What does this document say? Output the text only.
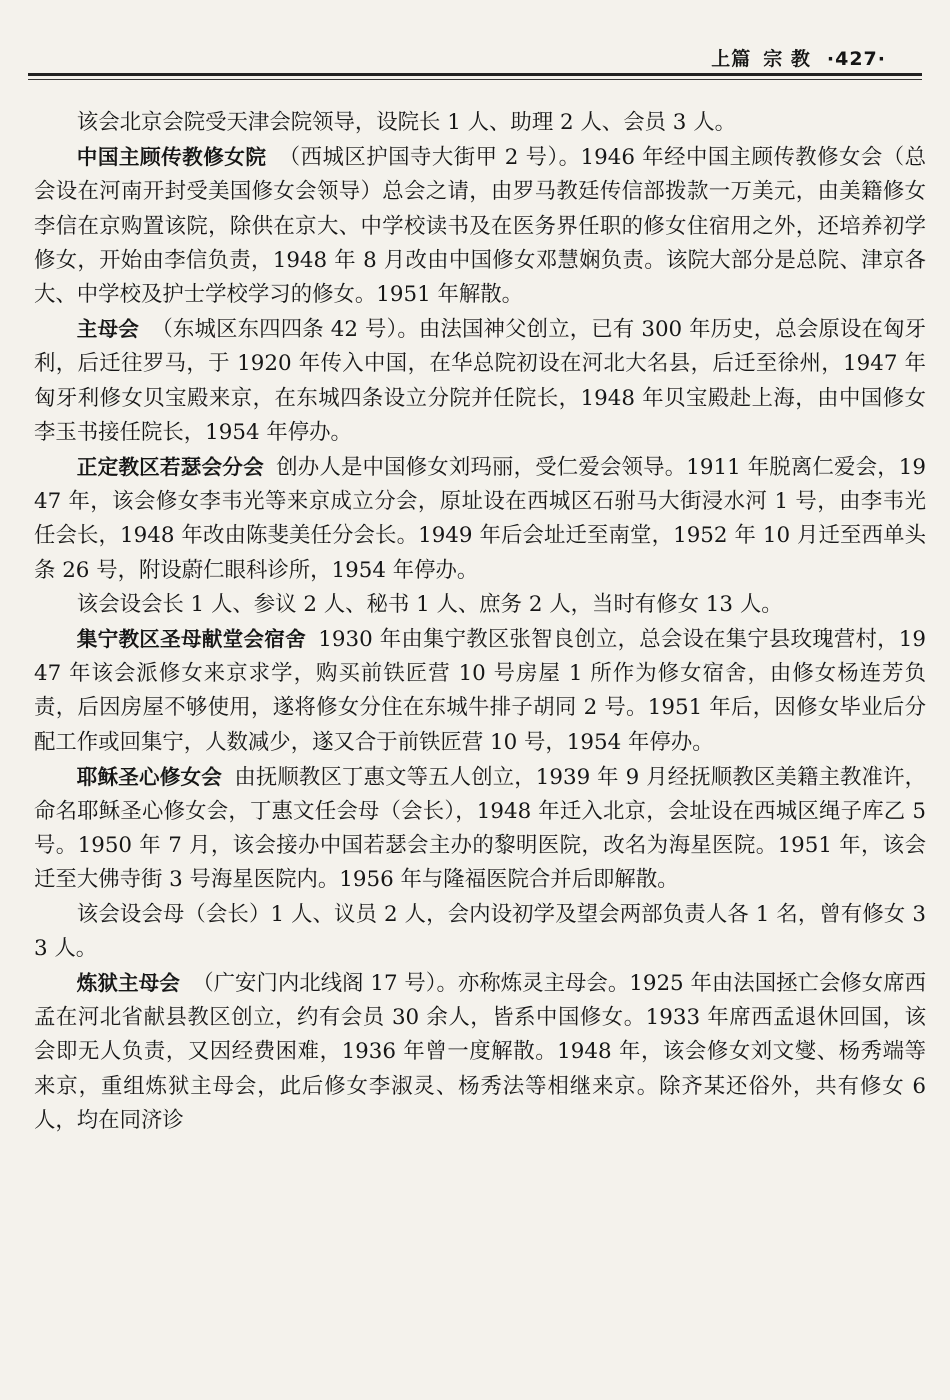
上篇 宗 教 ·427·

该会北京会院受天津会院领导，设院长 1 人、助理 2 人、会员 3 人。

中国主顾传教修女院 （西城区护国寺大街甲 2 号）。1946 年经中国主顾传教修女会（总会设在河南开封受美国修女会领导）总会之请，由罗马教廷传信部拨款一万美元，由美籍修女李信在京购置该院，除供在京大、中学校读书及在医务界任职的修女住宿用之外，还培养初学修女，开始由李信负责，1948 年 8 月改由中国修女邓慧娴负责。该院大部分是总院、津京各大、中学校及护士学校学习的修女。1951 年解散。

主母会 （东城区东四四条 42 号）。由法国神父创立，已有 300 年历史，总会原设在匈牙利，后迁往罗马，于 1920 年传入中国，在华总院初设在河北大名县，后迁至徐州，1947 年匈牙利修女贝宝殿来京，在东城四条设立分院并任院长，1948 年贝宝殿赴上海，由中国修女李玉书接任院长，1954 年停办。

正定教区若瑟会分会 创办人是中国修女刘玛丽，受仁爱会领导。1911 年脱离仁爱会，1947 年，该会修女李韦光等来京成立分会，原址设在西城区石驸马大街浸水河 1 号，由李韦光任会长，1948 年改由陈斐美任分会长。1949 年后会址迁至南堂，1952 年 10 月迁至西单头条 26 号，附设蔚仁眼科诊所，1954 年停办。

该会设会长 1 人、参议 2 人、秘书 1 人、庶务 2 人，当时有修女 13 人。

集宁教区圣母献堂会宿舍 1930 年由集宁教区张智良创立，总会设在集宁县玫瑰营村，1947 年该会派修女来京求学，购买前铁匠营 10 号房屋 1 所作为修女宿舍，由修女杨连芳负责，后因房屋不够使用，遂将修女分住在东城牛排子胡同 2 号。1951 年后，因修女毕业后分配工作或回集宁，人数减少，遂又合于前铁匠营 10 号，1954 年停办。

耶稣圣心修女会 由抚顺教区丁惠文等五人创立，1939 年 9 月经抚顺教区美籍主教准许，命名耶稣圣心修女会，丁惠文任会母（会长），1948 年迁入北京，会址设在西城区绳子库乙 5 号。1950 年 7 月，该会接办中国若瑟会主办的黎明医院，改名为海星医院。1951 年，该会迁至大佛寺街 3 号海星医院内。1956 年与隆福医院合并后即解散。

该会设会母（会长）1 人、议员 2 人，会内设初学及望会两部负责人各 1 名，曾有修女 33 人。

炼狱主母会 （广安门内北线阁 17 号）。亦称炼灵主母会。1925 年由法国拯亡会修女席西孟在河北省献县教区创立，约有会员 30 余人，皆系中国修女。1933 年席西孟退休回国，该会即无人负责，又因经费困难，1936 年曾一度解散。1948 年，该会修女刘文燮、杨秀端等来京，重组炼狱主母会，此后修女李淑灵、杨秀法等相继来京。除齐某还俗外，共有修女 6 人，均在同济诊
